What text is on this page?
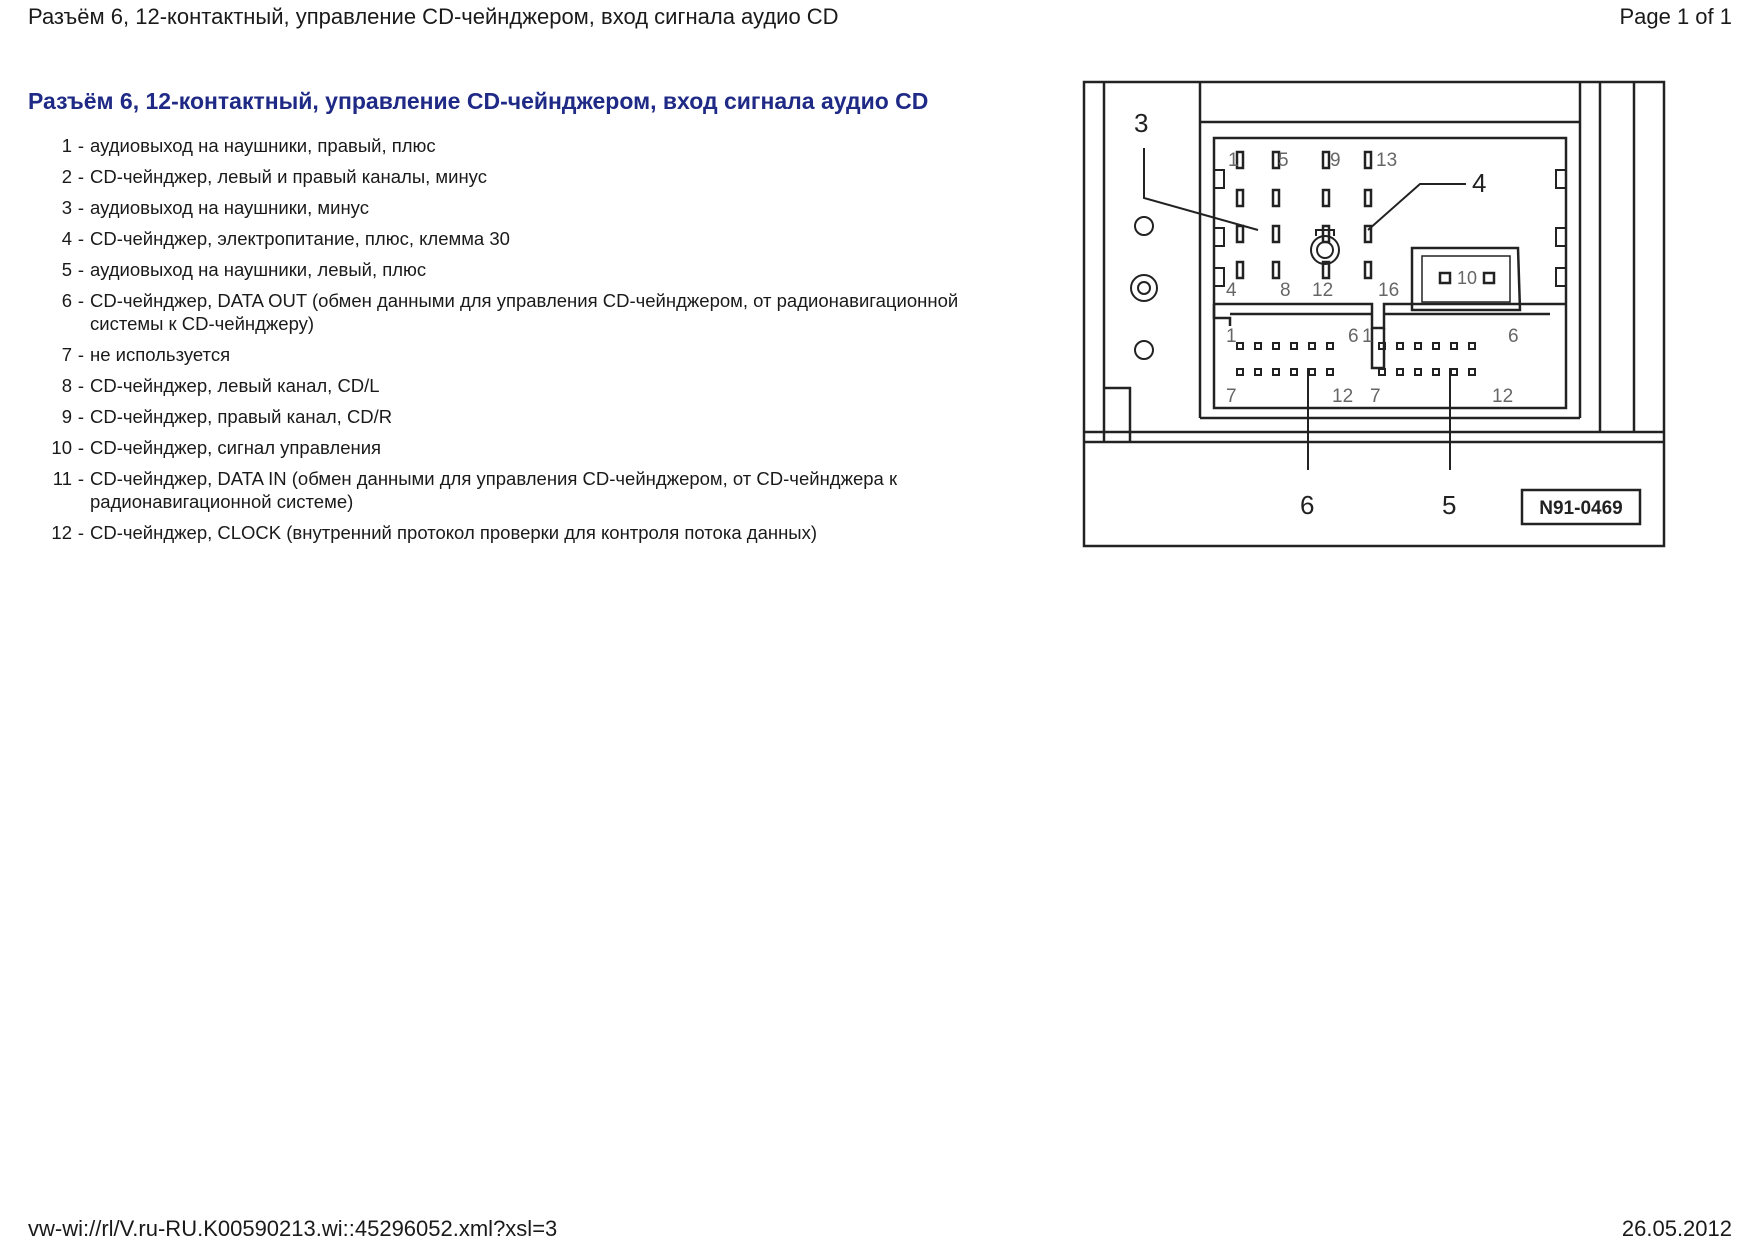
Разъём 6, 12-контактный, управление CD-чейнджером, вход сигнала аудио CD	Page 1 of 1
Разъём 6, 12-контактный, управление CD-чейнджером, вход сигнала аудио CD
1 - аудиовыход на наушники, правый, плюс
2 - CD-чейнджер, левый и правый каналы, минус
3 - аудиовыход на наушники, минус
4 - CD-чейнджер, электропитание, плюс, клемма 30
5 - аудиовыход на наушники, левый, плюс
6 - CD-чейнджер, DATA OUT (обмен данными для управления CD-чейнджером, от радионавигационной системы к CD-чейнджеру)
7 - не используется
8 - CD-чейнджер, левый канал, CD/L
9 - CD-чейнджер, правый канал, CD/R
10 - CD-чейнджер, сигнал управления
11 - CD-чейнджер, DATA IN (обмен данными для управления CD-чейнджером, от CD-чейнджера к радионавигационной системе)
12 - CD-чейнджер, CLOCK (внутренний протокол проверки для контроля потока данных)
3
4
6	5
1 5 9 13
4 8 12 16
10
1	6
7	12
1	6
7	12
N91-0469
vw-wi://rl/V.ru-RU.K00590213.wi::45296052.xml?xsl=3	26.05.2012
